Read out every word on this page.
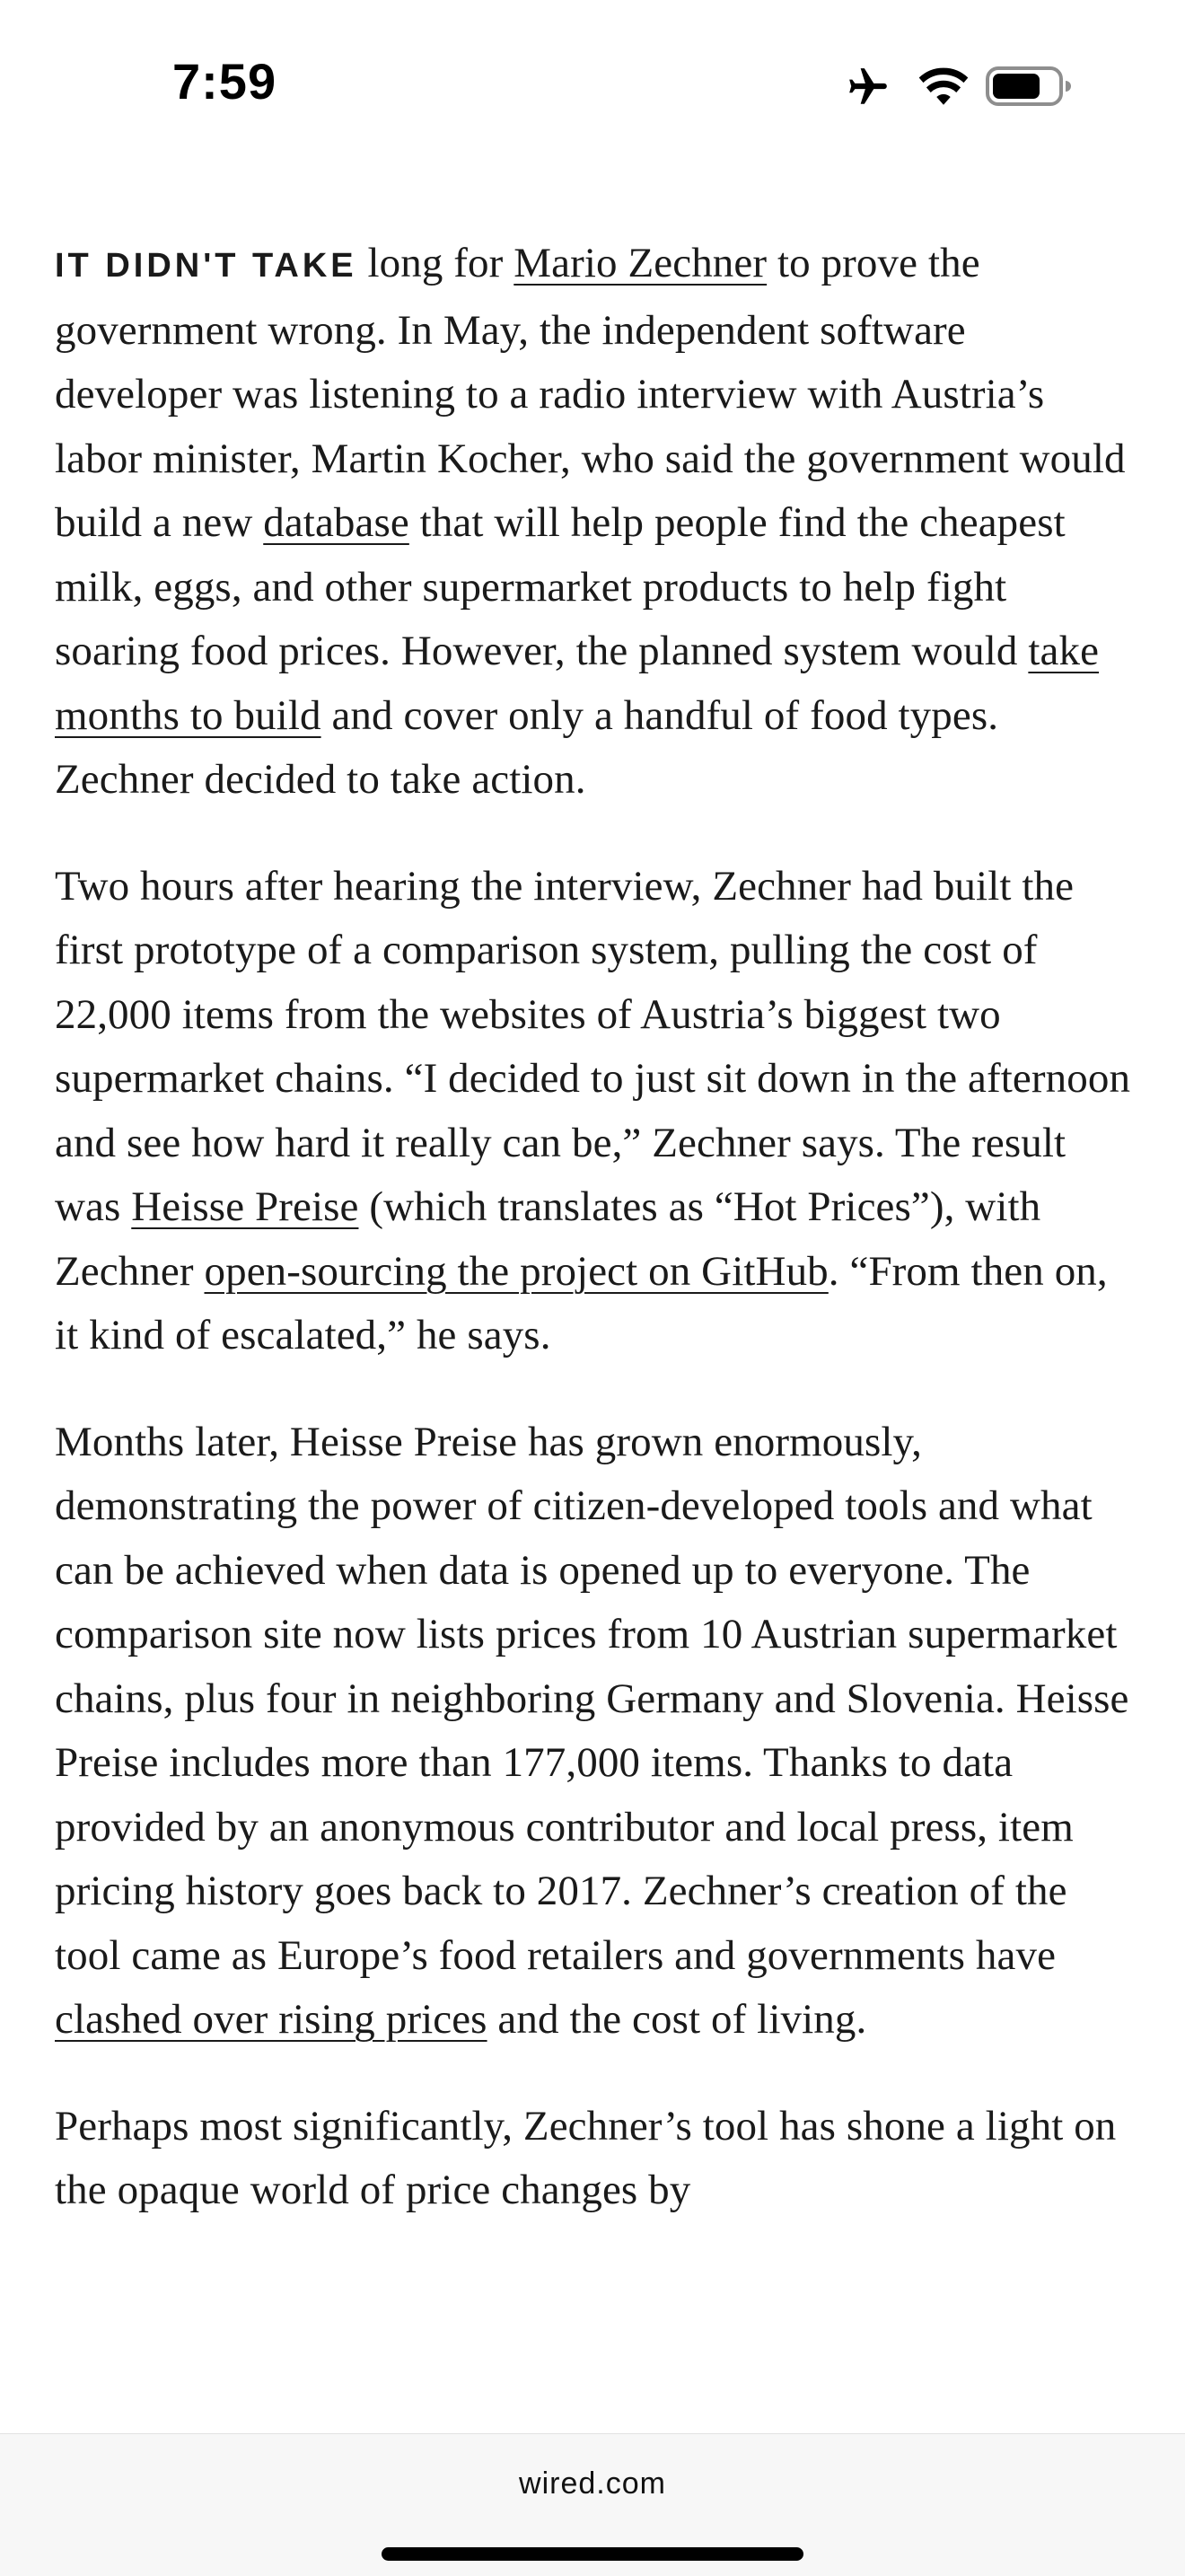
7:59

IT DIDN'T TAKE long for Mario Zechner to prove the government wrong. In May, the independent software developer was listening to a radio interview with Austria’s labor minister, Martin Kocher, who said the government would build a new database that will help people find the cheapest milk, eggs, and other supermarket products to help fight soaring food prices. However, the planned system would take months to build and cover only a handful of food types. Zechner decided to take action.

Two hours after hearing the interview, Zechner had built the first prototype of a comparison system, pulling the cost of 22,000 items from the websites of Austria’s biggest two supermarket chains. “I decided to just sit down in the afternoon and see how hard it really can be,” Zechner says. The result was Heisse Preise (which translates as “Hot Prices”), with Zechner open-sourcing the project on GitHub. “From then on, it kind of escalated,” he says.

Months later, Heisse Preise has grown enormously, demonstrating the power of citizen-developed tools and what can be achieved when data is opened up to everyone. The comparison site now lists prices from 10 Austrian supermarket chains, plus four in neighboring Germany and Slovenia. Heisse Preise includes more than 177,000 items. Thanks to data provided by an anonymous contributor and local press, item pricing history goes back to 2017. Zechner’s creation of the tool came as Europe’s food retailers and governments have clashed over rising prices and the cost of living.

Perhaps most significantly, Zechner’s tool has shone a light on the opaque world of price changes by

wired.com
